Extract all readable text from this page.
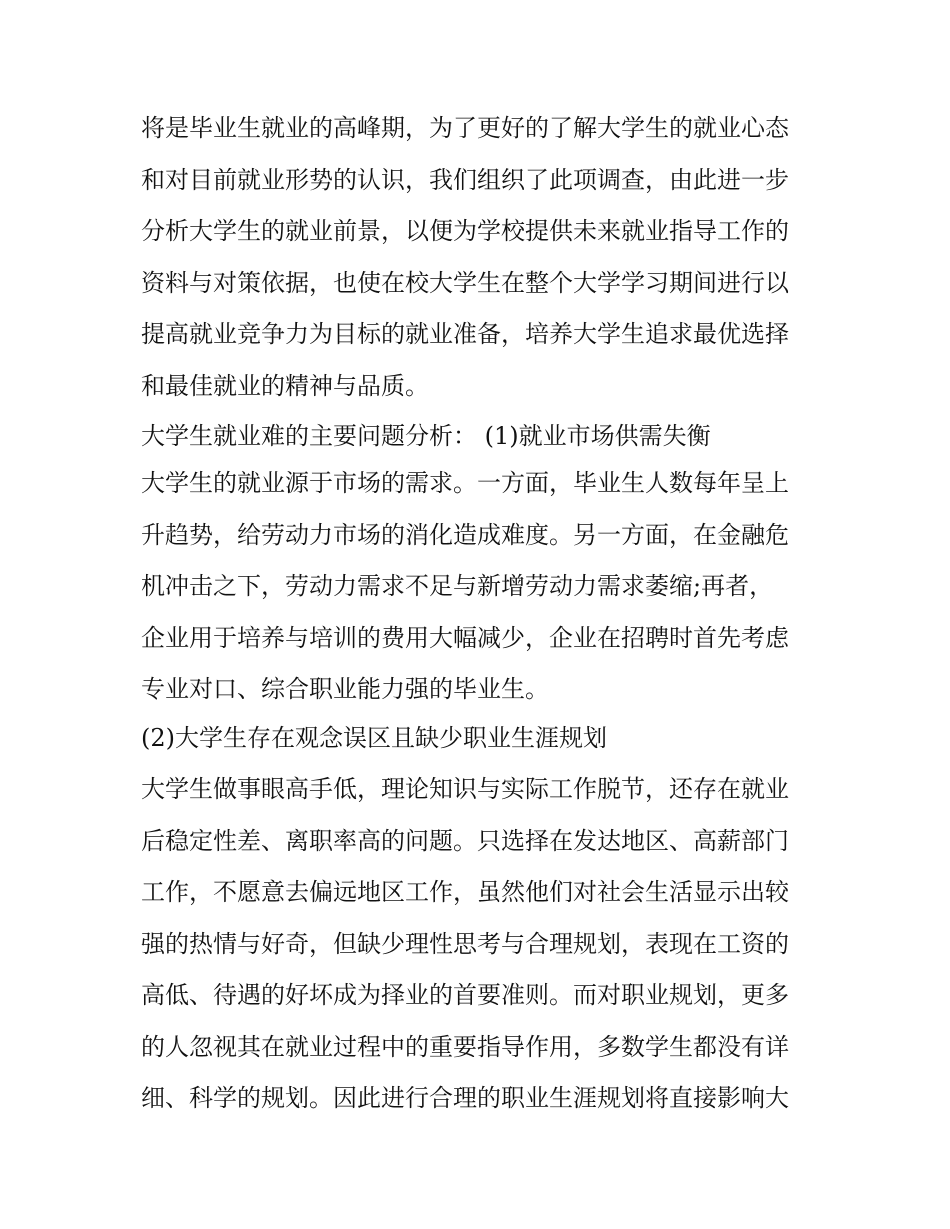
将是毕业生就业的高峰期，为了更好的了解大学生的就业心态
和对目前就业形势的认识，我们组织了此项调查，由此进一步
分析大学生的就业前景，以便为学校提供未来就业指导工作的
资料与对策依据，也使在校大学生在整个大学学习期间进行以
提高就业竞争力为目标的就业准备，培养大学生追求最优选择
和最佳就业的精神与品质。
大学生就业难的主要问题分析： (1)就业市场供需失衡
大学生的就业源于市场的需求。一方面，毕业生人数每年呈上
升趋势，给劳动力市场的消化造成难度。另一方面，在金融危
机冲击之下，劳动力需求不足与新增劳动力需求萎缩;再者，
企业用于培养与培训的费用大幅减少，企业在招聘时首先考虑
专业对口、综合职业能力强的毕业生。
(2)大学生存在观念误区且缺少职业生涯规划
大学生做事眼高手低，理论知识与实际工作脱节，还存在就业
后稳定性差、离职率高的问题。只选择在发达地区、高薪部门
工作，不愿意去偏远地区工作，虽然他们对社会生活显示出较
强的热情与好奇，但缺少理性思考与合理规划，表现在工资的
高低、待遇的好坏成为择业的首要准则。而对职业规划，更多
的人忽视其在就业过程中的重要指导作用，多数学生都没有详
细、科学的规划。因此进行合理的职业生涯规划将直接影响大
